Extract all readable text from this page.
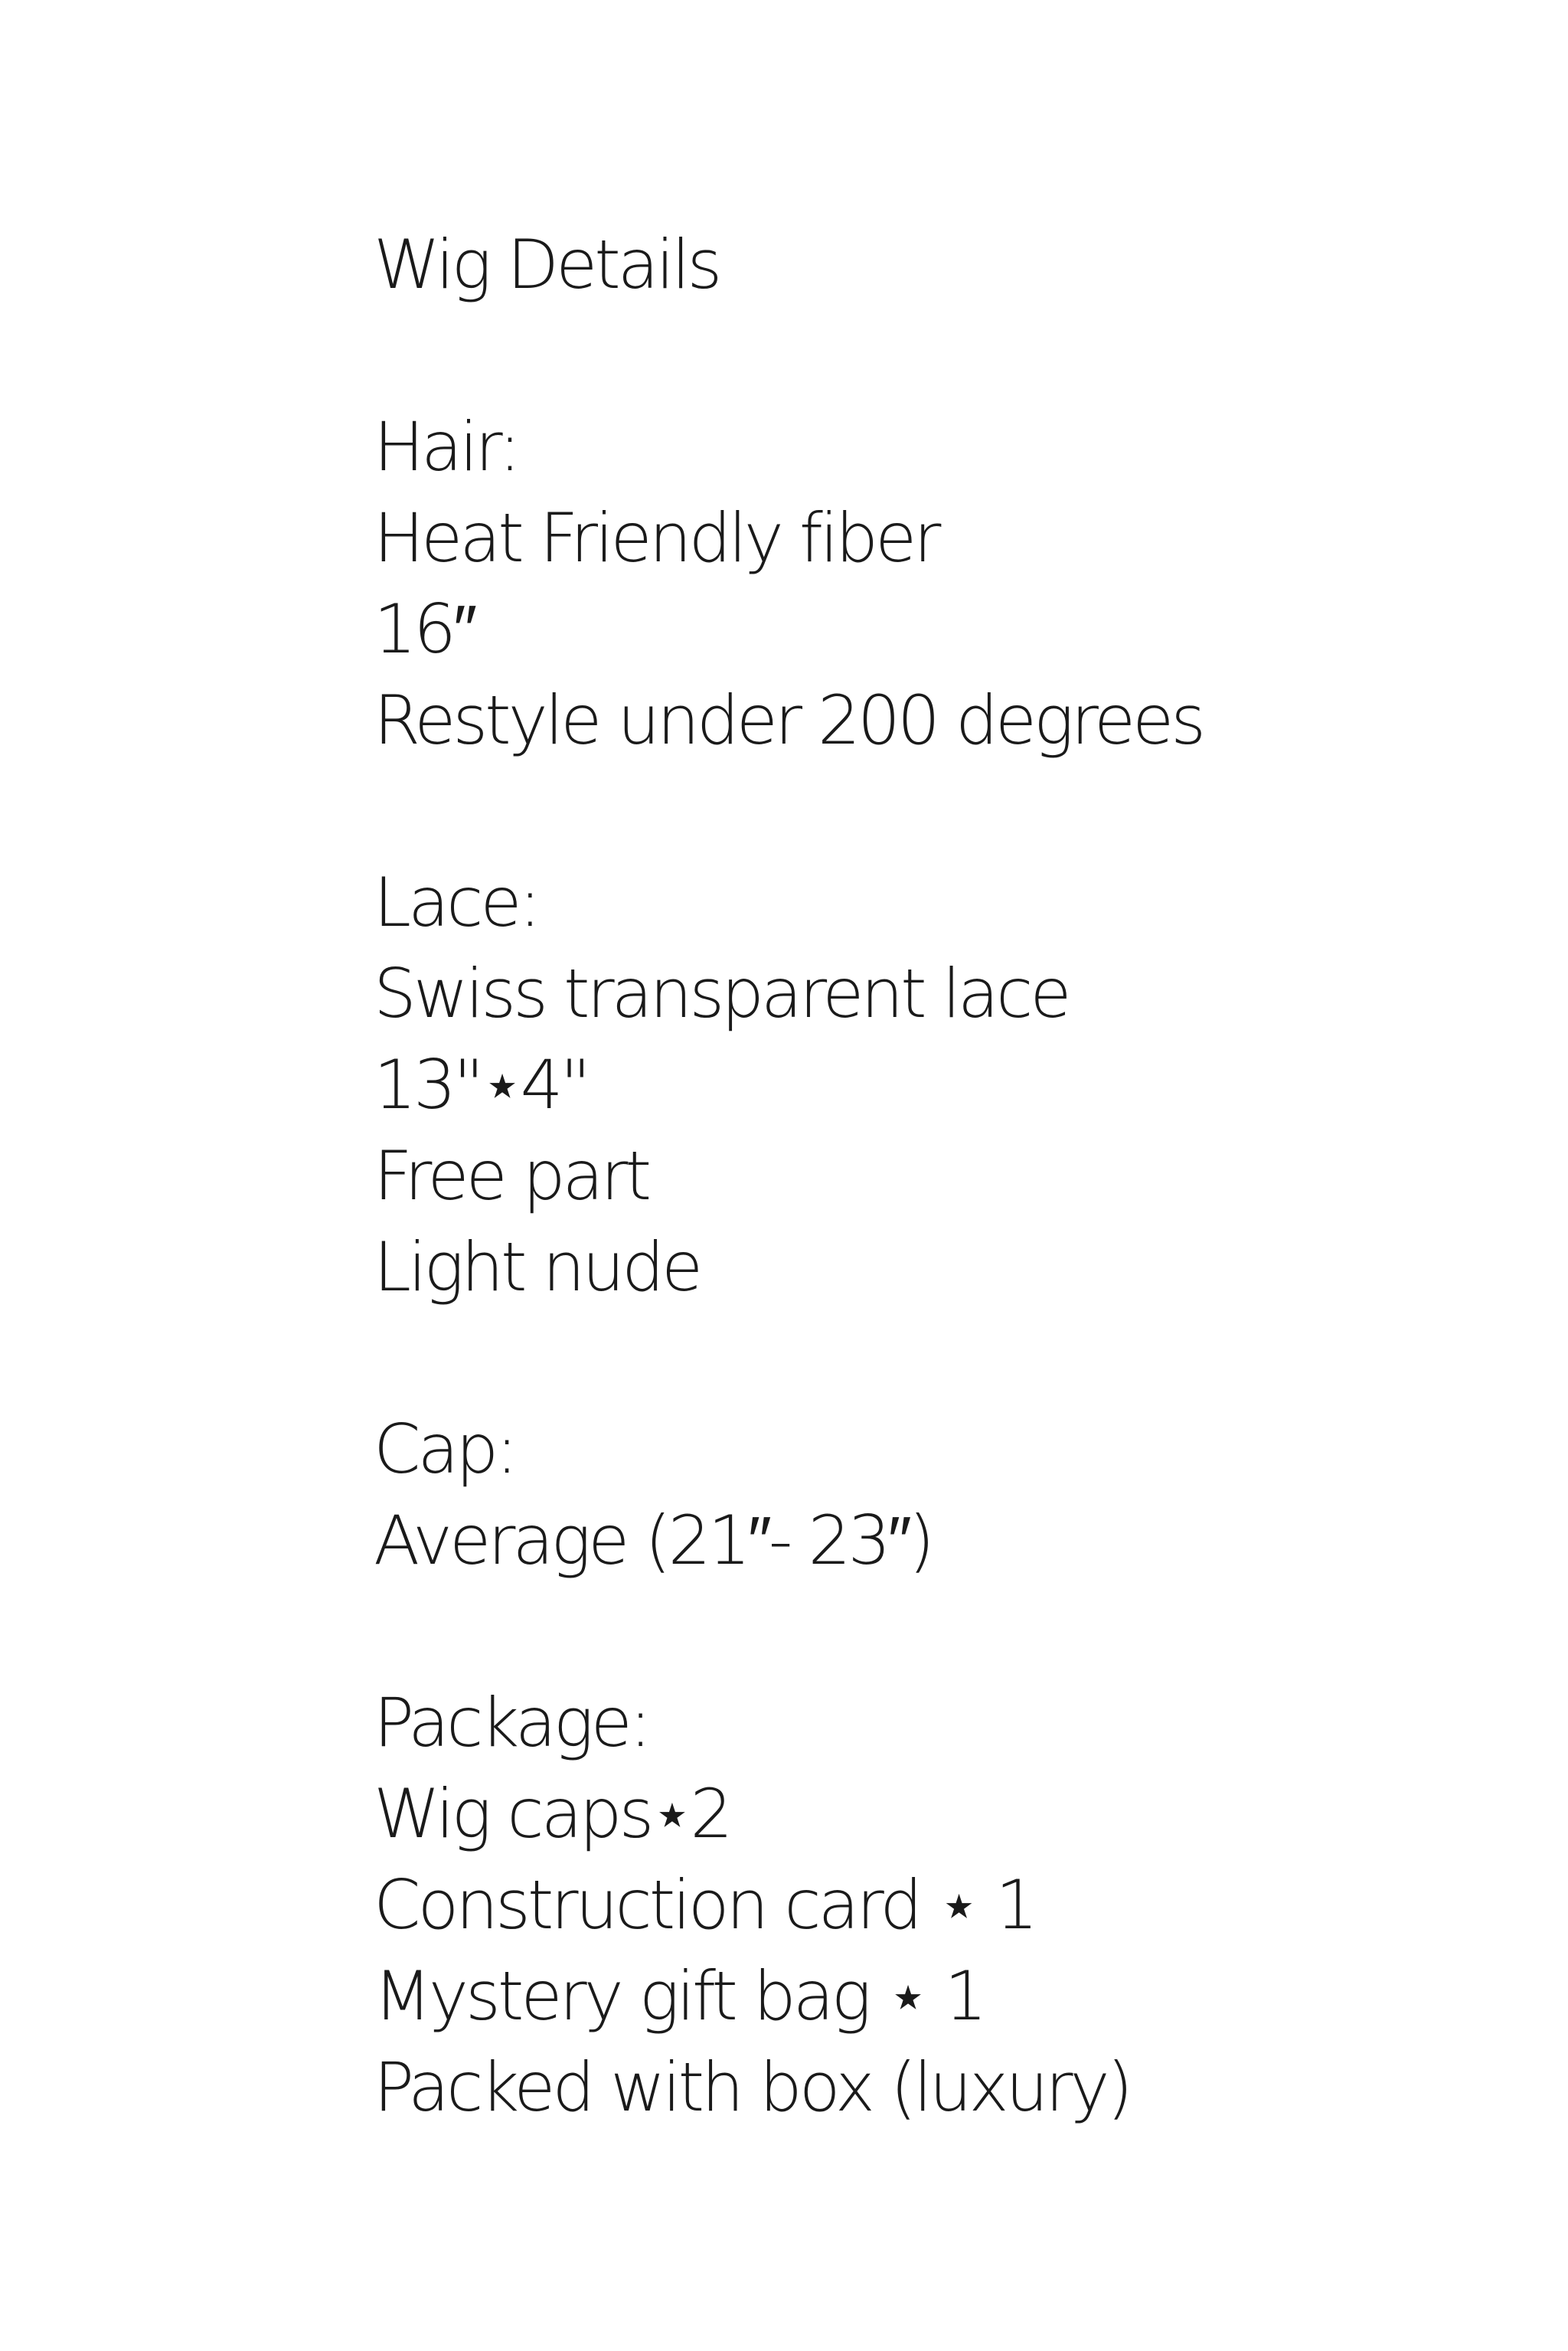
Wig Details
Hair:
Heat Friendly fiber
16″
Restyle under 200 degrees
Lace:
Swiss transparent lace
13"⋆4"
Free part
Light nude
Cap:
Average (21″- 23″)
Package:
Wig caps⋆2
Construction card ⋆ 1
Mystery gift bag ⋆ 1
Packed with box (luxury)
